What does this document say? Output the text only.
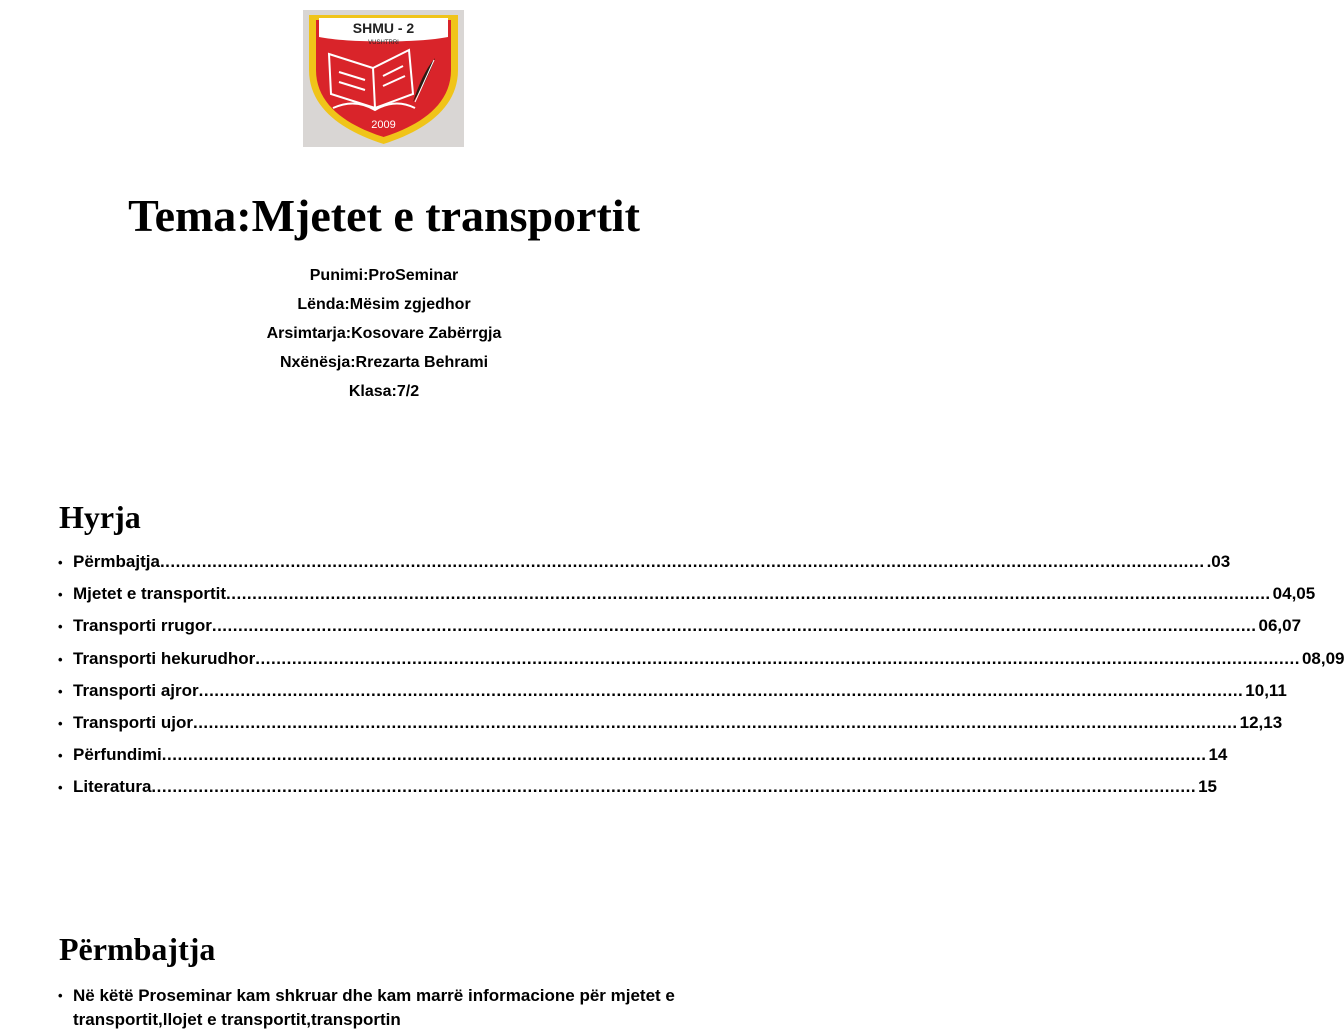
SHMU - 2
VUSHTRRI
2009
Tema:Mjetet e transportit
Punimi:ProSeminar
Lënda:Mësim zgjedhor
Arsimtarja:Kosovare Zabërrgja
Nxënësja:Rrezarta Behrami
Klasa:7/2
Hyrja
• Përmbajtja ........................................................................................................................................................................................................ .03
• Mjetet e transportit ........................................................................................................................................................................................................ 04,05
• Transporti rrugor ........................................................................................................................................................................................................ 06,07
• Transporti hekurudhor ........................................................................................................................................................................................................ 08,09
• Transporti ajror ........................................................................................................................................................................................................ 10,11
• Transporti ujor ........................................................................................................................................................................................................ 12,13
• Përfundimi ........................................................................................................................................................................................................ 14
• Literatura ........................................................................................................................................................................................................ 15
Përmbajtja
• Në këtë Proseminar kam shkruar dhe kam marrë informacione për mjetet e transportit,llojet e transportit,transportin
